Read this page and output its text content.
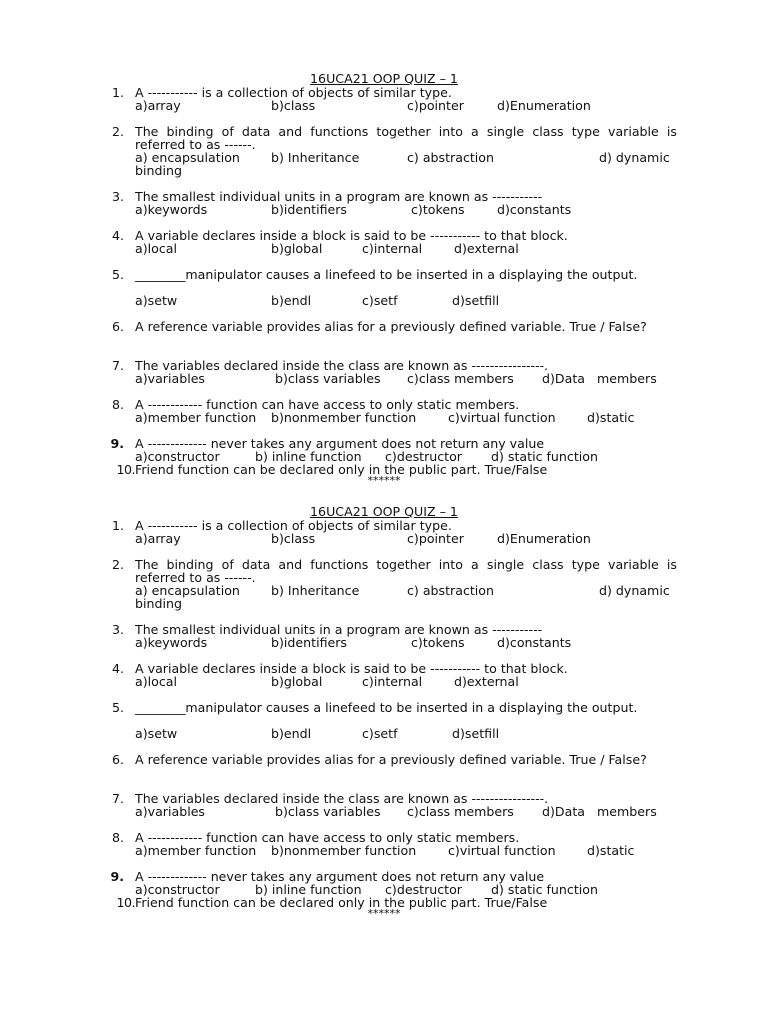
16UCA21 OOP QUIZ – 1
1. A ----------- is a collection of objects of similar type.
a)array	b)class	c)pointer	d)Enumeration
2. The binding of data and functions together into a single class type variable is referred to as ------.
a) encapsulation b) Inheritance	c) abstraction	d) dynamic
binding
3. The smallest individual units in a program are known as -----------
a)keywords	b)identifiers	c)tokens	d)constants
4. A variable declares inside a block is said to be ----------- to that block.
a)local	b)global	c)internal	d)external
5. ________manipulator causes a linefeed to be inserted in a displaying the output.
a)setw	b)endl	c)setf	d)setfill
6. A reference variable provides alias for a previously defined variable. True / False?
7. The variables declared inside the class are known as ----------------.
a)variables	b)class variables c)class members d)Data   members
8. A ------------ function can have access to only static members.
a)member function b)nonmember function	c)virtual function d)static
9. A ------------- never takes any argument does not return any value
a)constructor	b) inline function c)destructor d) static function
10. Friend function can be declared only in the public part. True/False
******
16UCA21 OOP QUIZ – 1
1. A ----------- is a collection of objects of similar type.
a)array	b)class	c)pointer	d)Enumeration
2. The binding of data and functions together into a single class type variable is referred to as ------.
a) encapsulation b) Inheritance	c) abstraction	d) dynamic
binding
3. The smallest individual units in a program are known as -----------
a)keywords	b)identifiers	c)tokens	d)constants
4. A variable declares inside a block is said to be ----------- to that block.
a)local	b)global	c)internal	d)external
5. ________manipulator causes a linefeed to be inserted in a displaying the output.
a)setw	b)endl	c)setf	d)setfill
6. A reference variable provides alias for a previously defined variable. True / False?
7. The variables declared inside the class are known as ----------------.
a)variables	b)class variables c)class members d)Data   members
8. A ------------ function can have access to only static members.
a)member function b)nonmember function	c)virtual function d)static
9. A ------------- never takes any argument does not return any value
a)constructor	b) inline function c)destructor d) static function
10. Friend function can be declared only in the public part. True/False
******
